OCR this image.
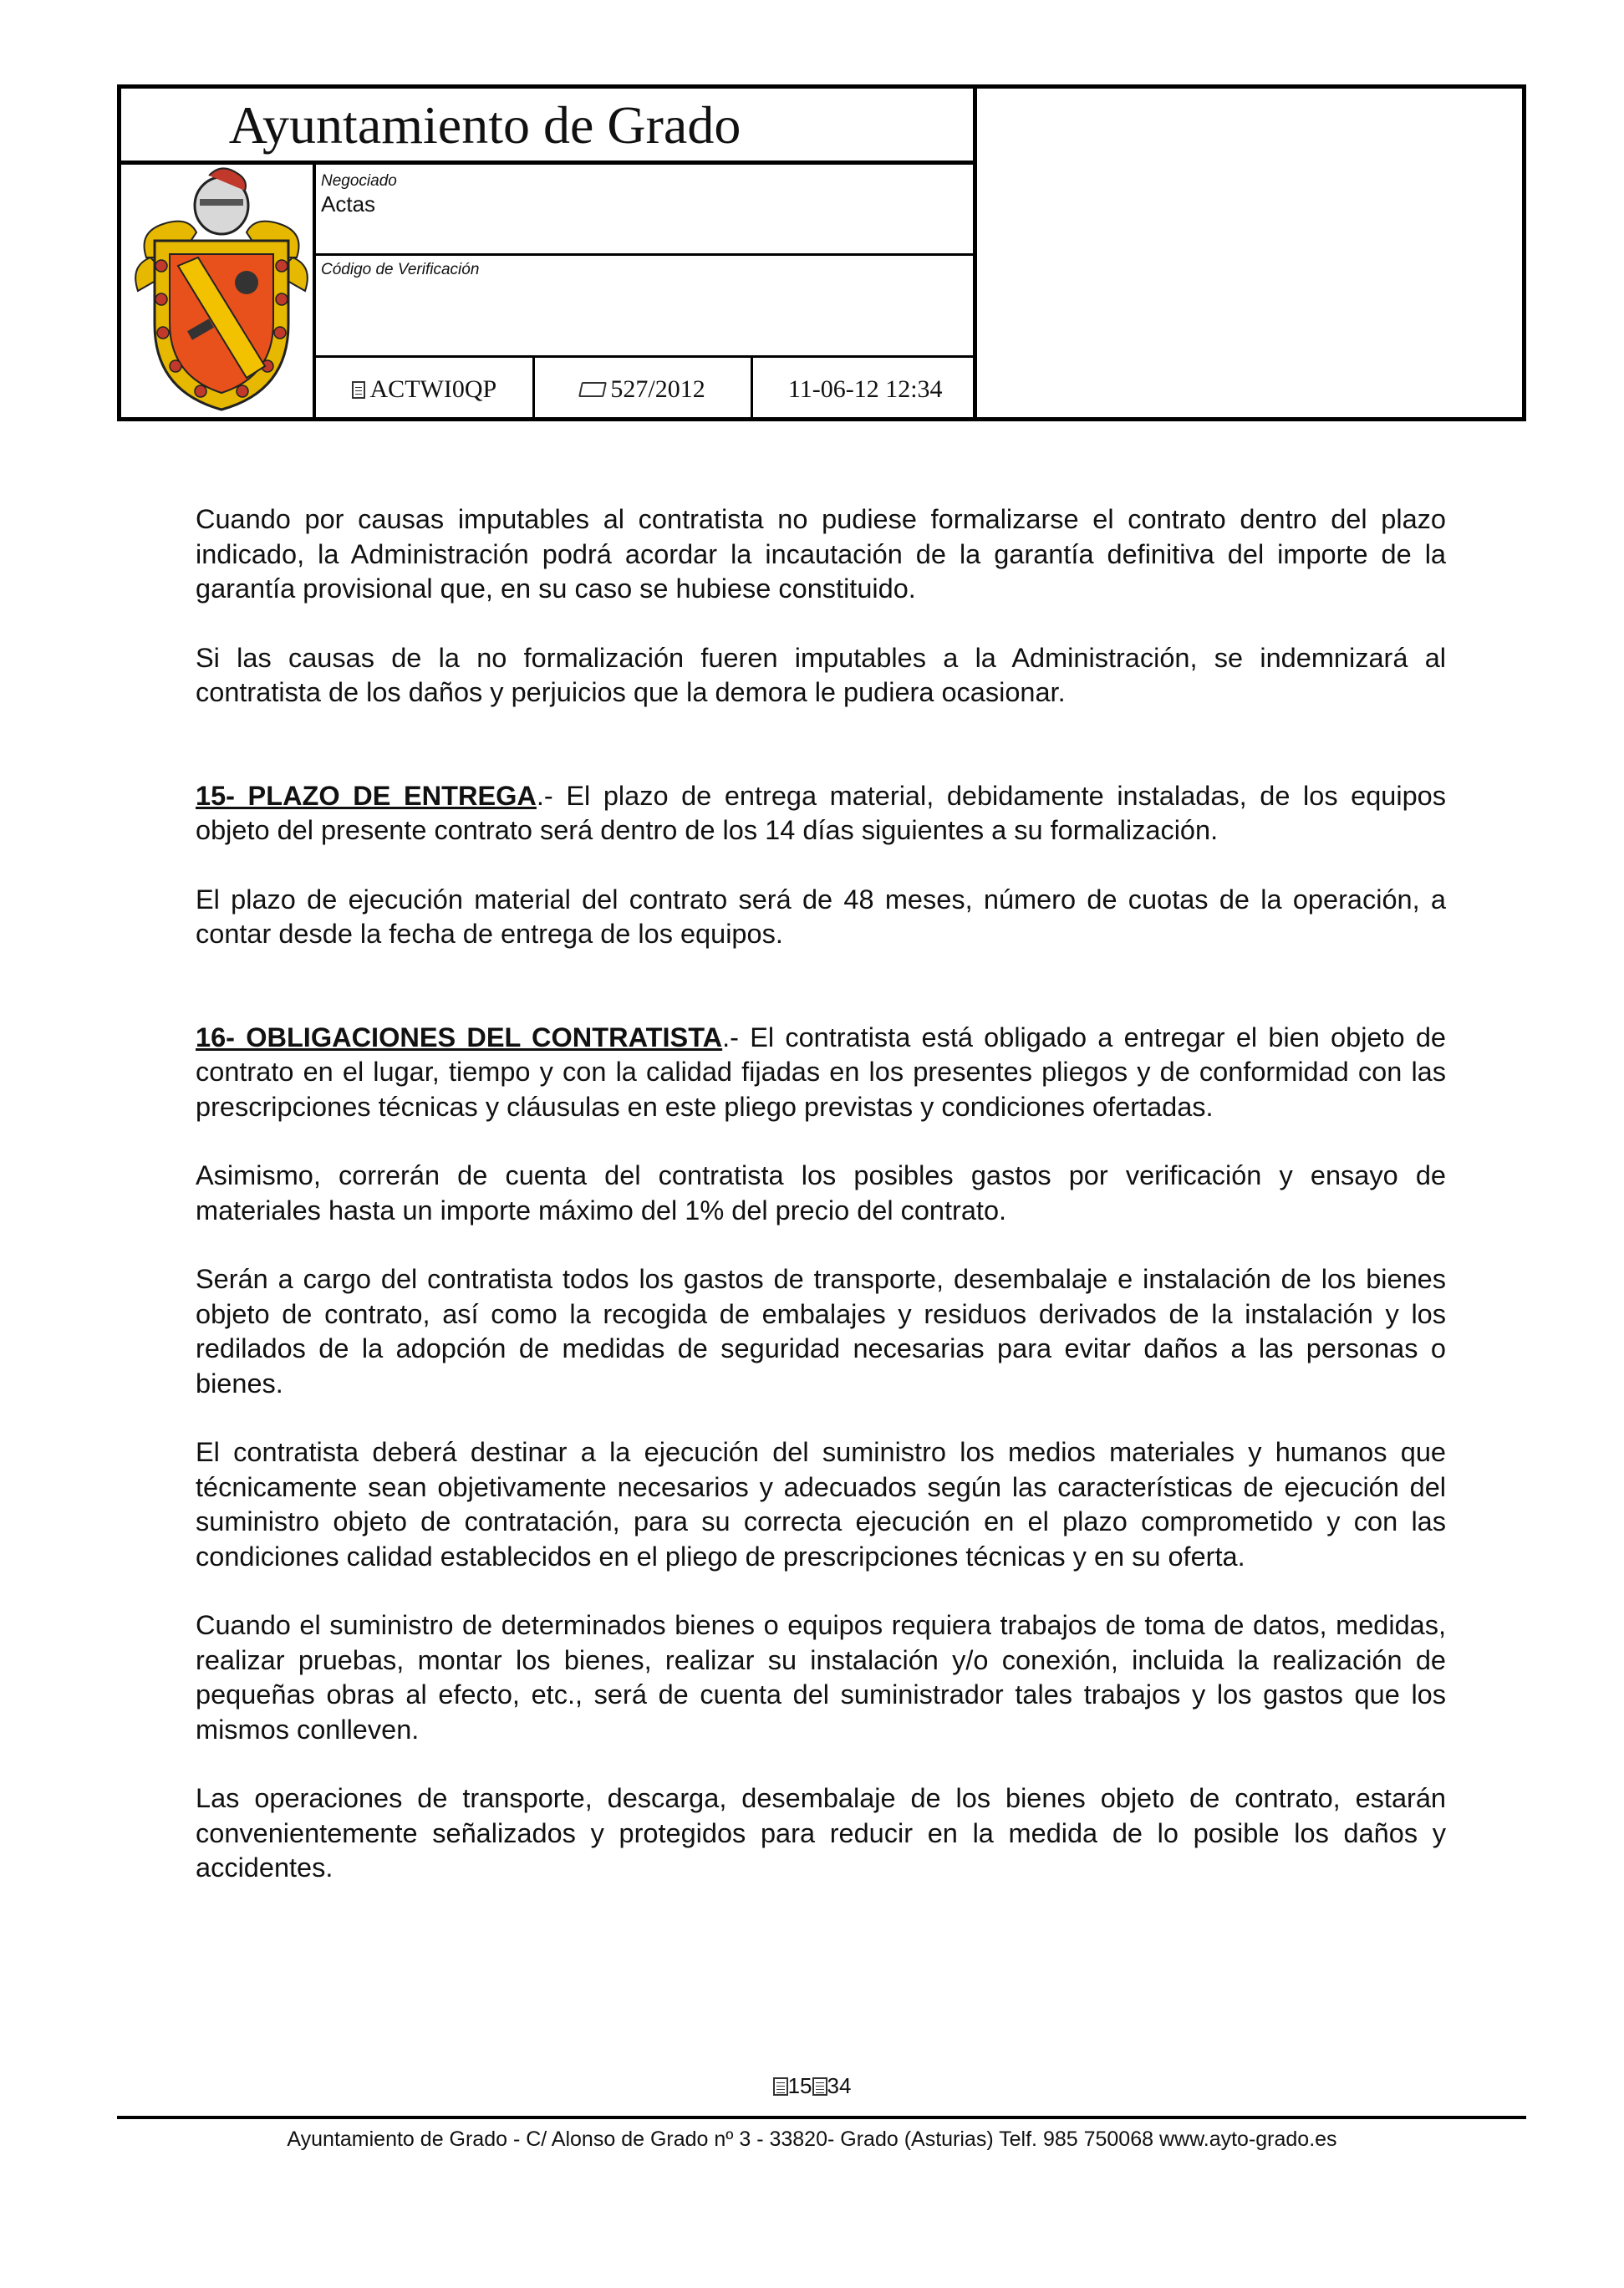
Ayuntamiento de Grado
Negociado
Actas
Código de Verificación
ACTWI0QP	527/2012	11-06-12 12:34

Cuando por causas imputables al contratista no pudiese formalizarse el contrato dentro del plazo indicado, la Administración podrá acordar la incautación de la garantía definitiva del importe de la garantía provisional que, en su caso se hubiese constituido.

Si las causas de la no formalización fueren imputables a la Administración, se indemnizará al contratista de los daños y perjuicios que la demora le pudiera ocasionar.

15- PLAZO DE ENTREGA.- El plazo de entrega material, debidamente instaladas, de los equipos objeto del presente contrato será dentro de los 14 días siguientes a su formalización.

El plazo de ejecución material del contrato será de 48 meses, número de cuotas de la operación, a contar desde la fecha de entrega de los equipos.

16- OBLIGACIONES DEL CONTRATISTA.- El contratista está obligado a entregar el bien objeto de contrato en el lugar, tiempo y con la calidad fijadas en los presentes pliegos y de conformidad con las prescripciones técnicas y cláusulas en este pliego previstas y condiciones ofertadas.

Asimismo, correrán de cuenta del contratista los posibles gastos por verificación y ensayo de materiales hasta un importe máximo del 1% del precio del contrato.

Serán a cargo del contratista todos los gastos de transporte, desembalaje e instalación de los bienes objeto de contrato, así como la recogida de embalajes y residuos derivados de la instalación y los redilados de la adopción de medidas de seguridad necesarias para evitar daños a las personas o bienes.

El contratista deberá destinar a la ejecución del suministro los medios materiales y humanos que técnicamente sean objetivamente necesarios y adecuados según las características de ejecución del suministro objeto de contratación, para su correcta ejecución en el plazo comprometido y con las condiciones calidad establecidos en el pliego de prescripciones técnicas y en su oferta.

Cuando el suministro de determinados bienes o equipos requiera trabajos de toma de datos, medidas, realizar pruebas, montar los bienes, realizar su instalación y/o conexión, incluida la realización de pequeñas obras al efecto, etc., será de cuenta del suministrador tales trabajos y los gastos que los mismos conlleven.

Las operaciones de transporte, descarga, desembalaje de los bienes objeto de contrato, estarán convenientemente señalizados y protegidos para reducir en la medida de lo posible los daños y accidentes.

15 34
Ayuntamiento de Grado - C/ Alonso de Grado nº 3 - 33820- Grado (Asturias) Telf. 985 750068 www.ayto-grado.es
